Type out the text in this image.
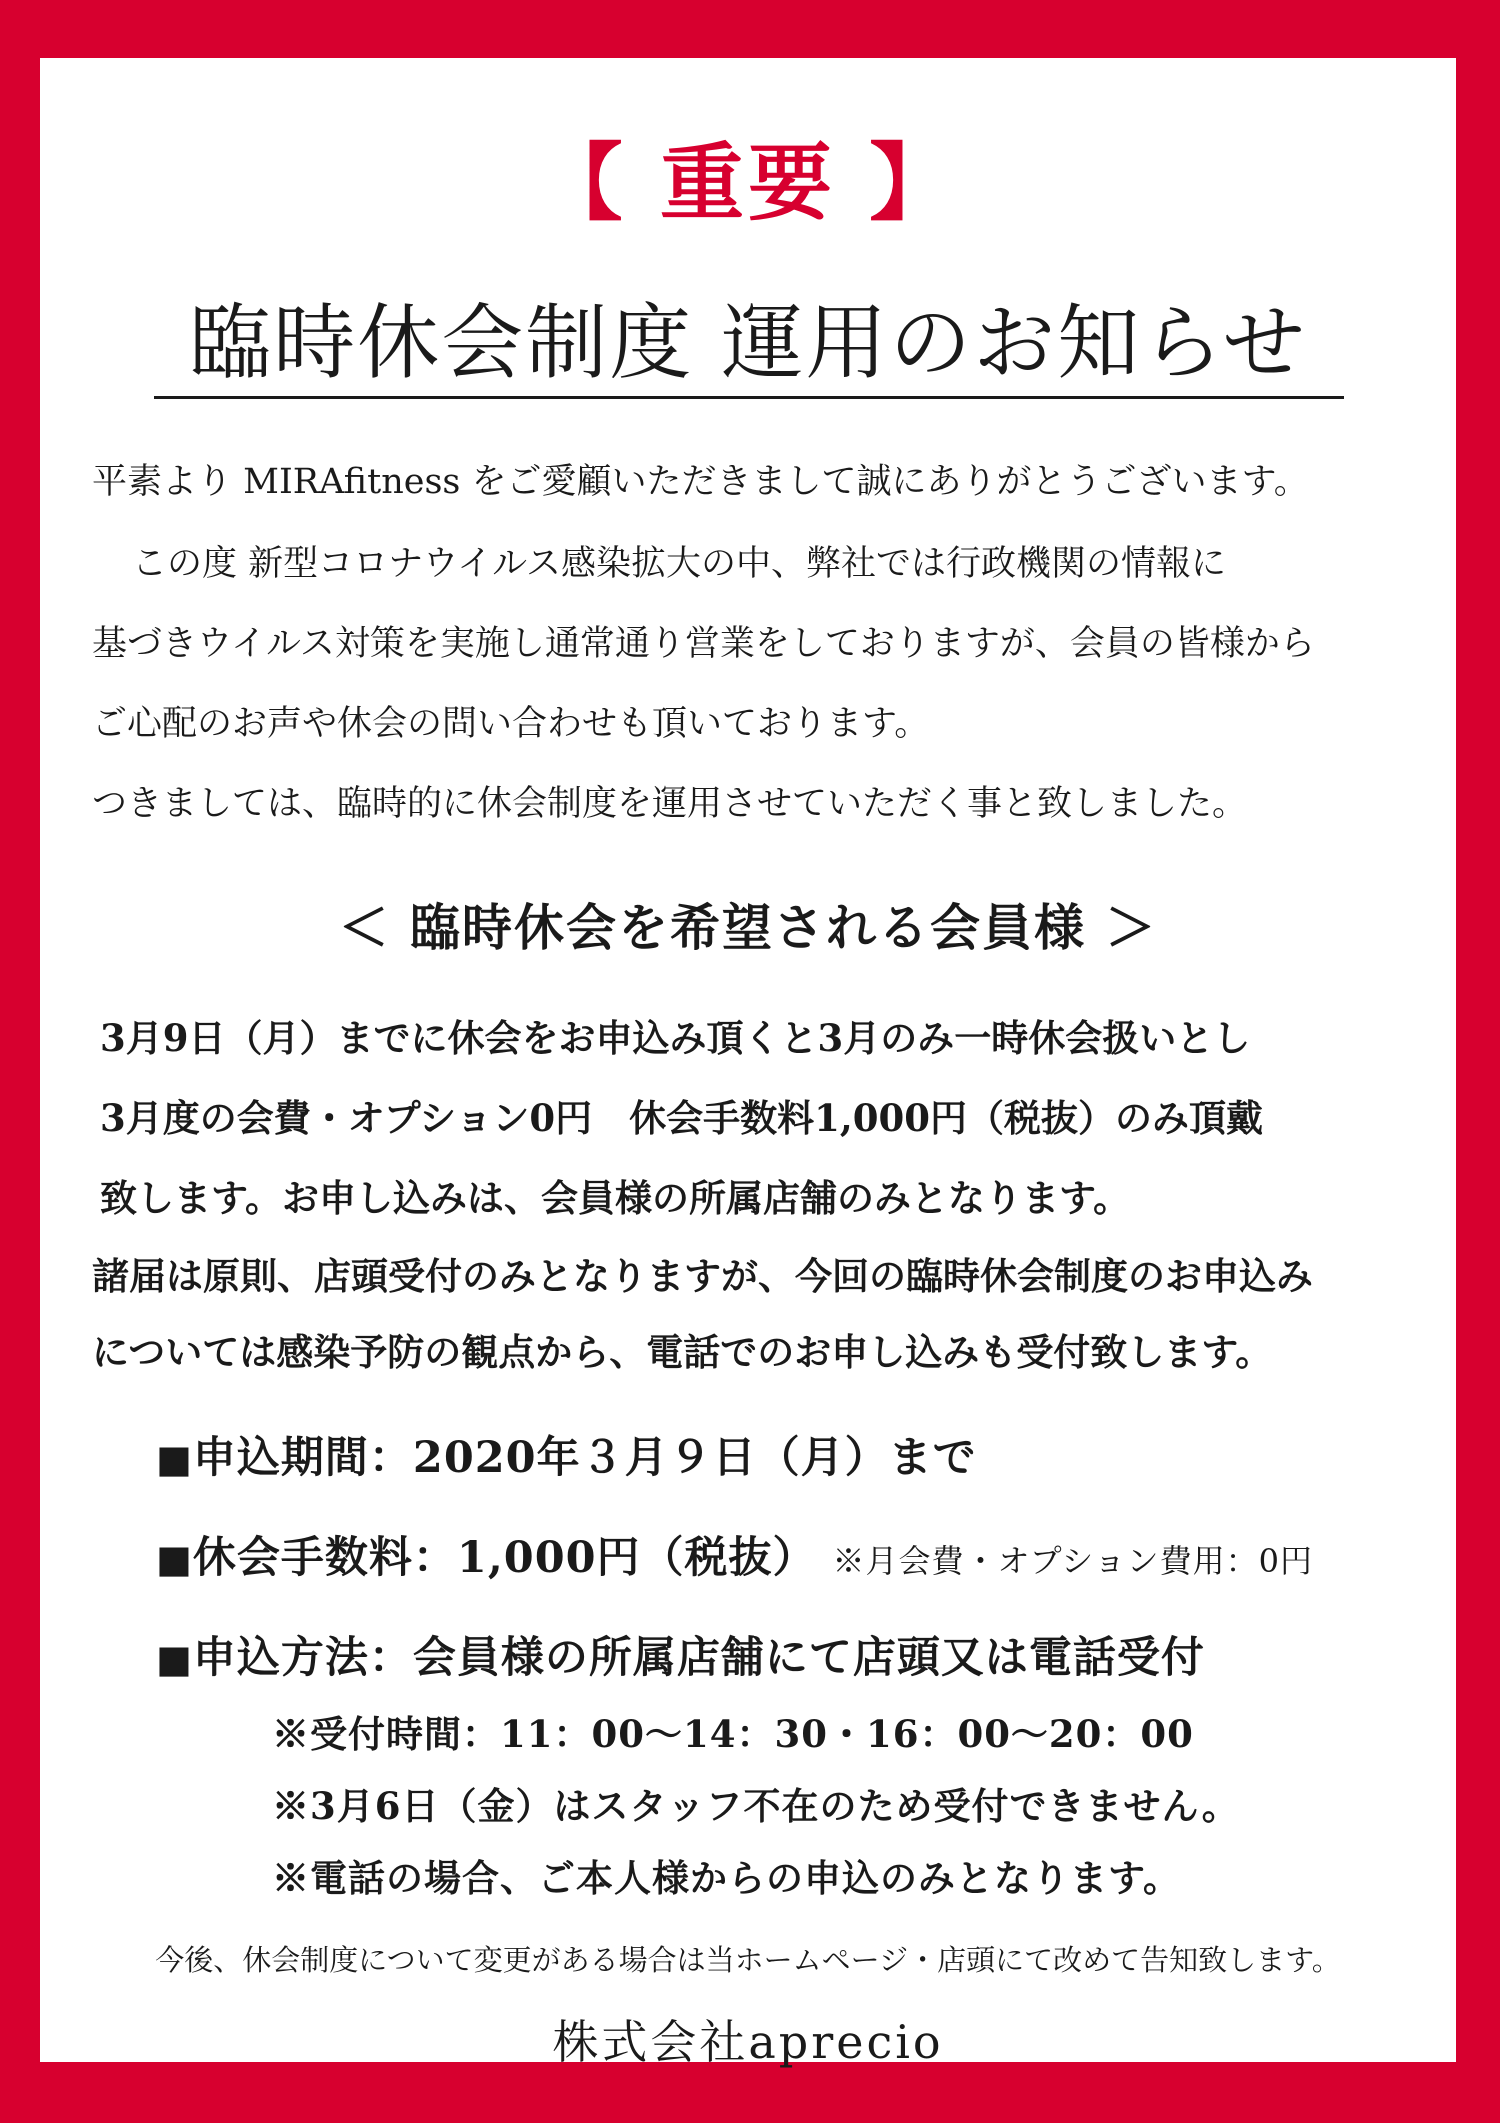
【 重要 】
臨時休会制度 運用のお知らせ
平素より MIRAfitness をご愛顧いただきまして誠にありがとうございます。
この度 新型コロナウイルス感染拡大の中、弊社では行政機関の情報に
基づきウイルス対策を実施し通常通り営業をしておりますが、会員の皆様から
ご心配のお声や休会の問い合わせも頂いております。
つきましては、臨時的に休会制度を運用させていただく事と致しました。
＜ 臨時休会を希望される会員様 ＞
3月9日（月）までに休会をお申込み頂くと3月のみ一時休会扱いとし
3月度の会費・オプション0円　休会手数料1,000円（税抜）のみ頂戴
致します。お申し込みは、会員様の所属店舗のみとなります。
諸届は原則、店頭受付のみとなりますが、今回の臨時休会制度のお申込み
については感染予防の観点から、電話でのお申し込みも受付致します。
■申込期間：2020年３月９日（月）まで
■休会手数料：1,000円（税抜） ※月会費・オプション費用：0円
■申込方法：会員様の所属店舗にて店頭又は電話受付
※受付時間：11：00〜14：30・16：00〜20：00
※3月6日（金）はスタッフ不在のため受付できません。
※電話の場合、ご本人様からの申込のみとなります。
今後、休会制度について変更がある場合は当ホームページ・店頭にて改めて告知致します。
株式会社aprecio
